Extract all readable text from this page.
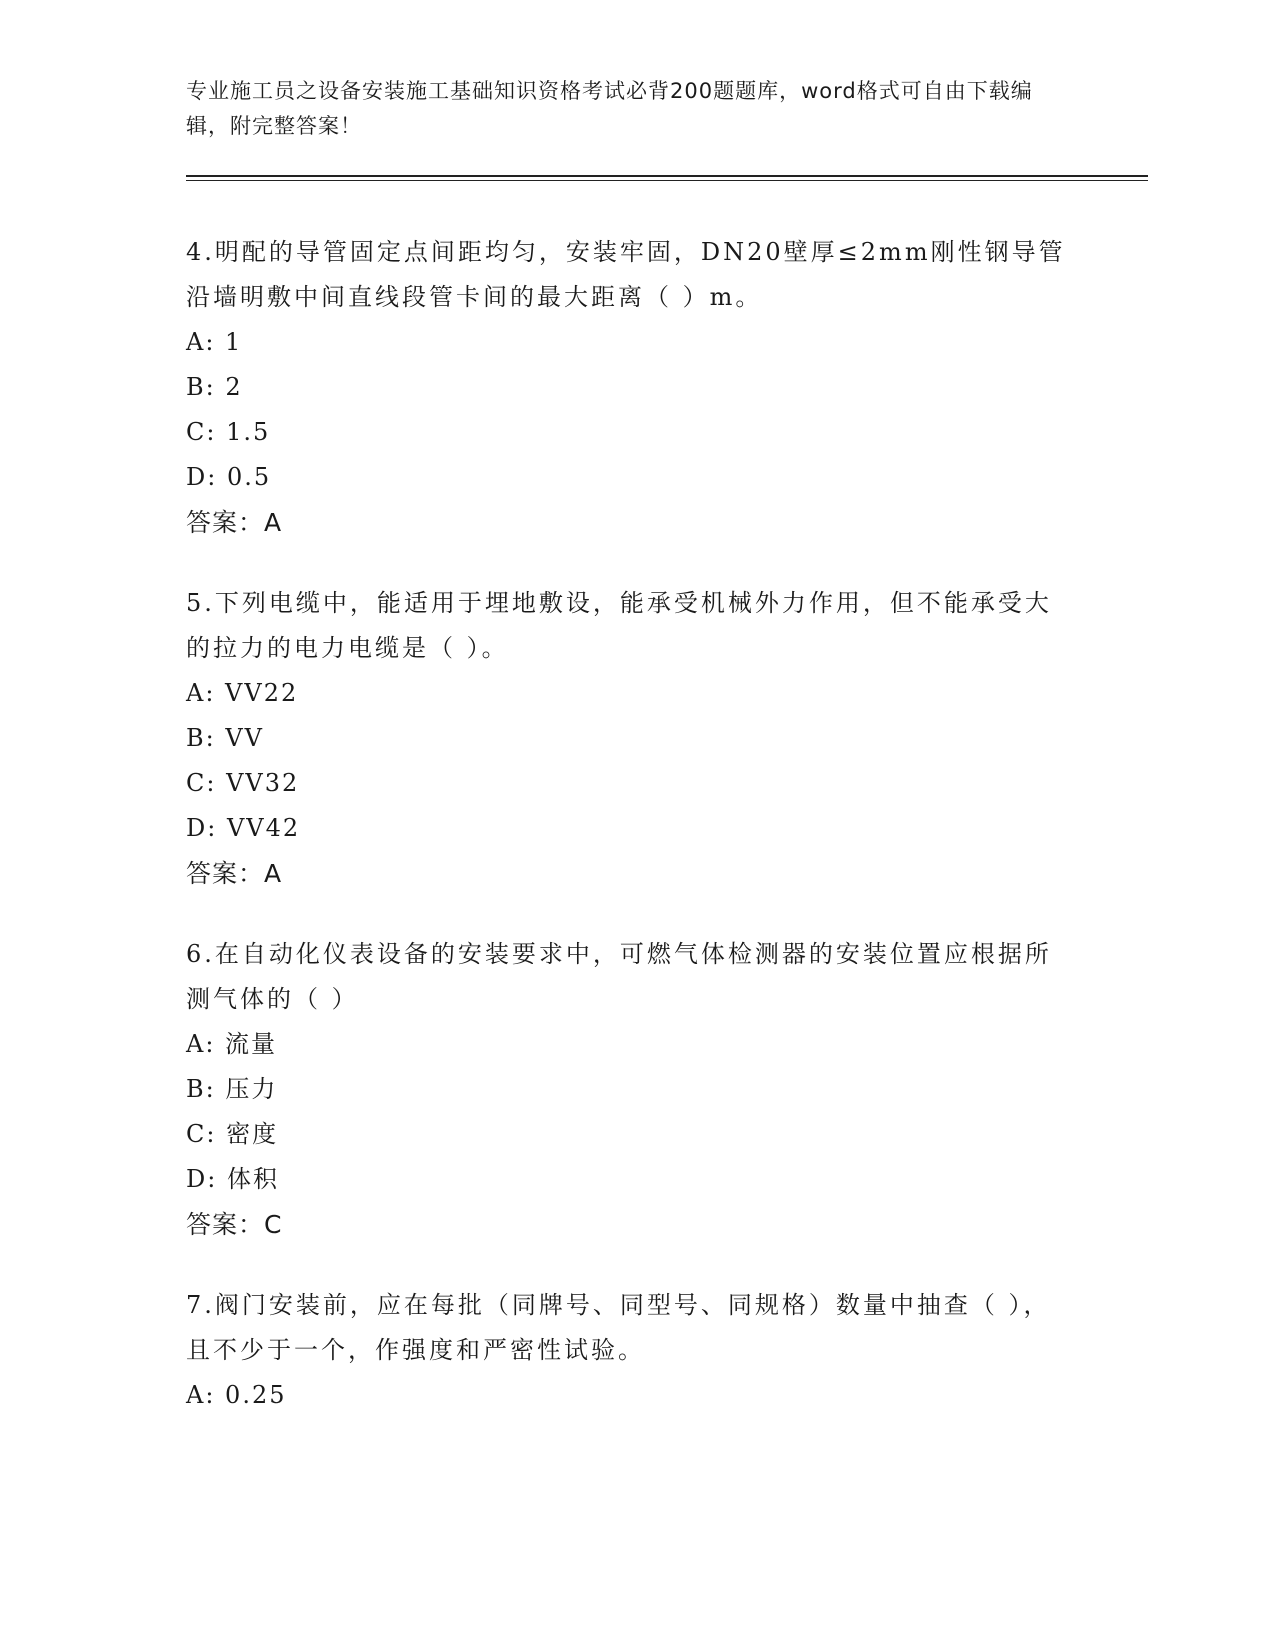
专业施工员之设备安装施工基础知识资格考试必背200题题库，word格式可自由下载编辑，附完整答案！

4.明配的导管固定点间距均匀，安装牢固，DN20壁厚≤2mm刚性钢导管沿墙明敷中间直线段管卡间的最大距离（ ）m。

A: 1

B: 2

C: 1.5

D: 0.5

答案：A

5.下列电缆中，能适用于埋地敷设，能承受机械外力作用，但不能承受大的拉力的电力电缆是（ ）。

A: VV22

B: VV

C: VV32

D: VV42

答案：A

6.在自动化仪表设备的安装要求中，可燃气体检测器的安装位置应根据所测气体的（ ）

A: 流量

B: 压力

C: 密度

D: 体积

答案：C

7.阀门安装前，应在每批（同牌号、同型号、同规格）数量中抽查（ ），且不少于一个，作强度和严密性试验。

A: 0.25
